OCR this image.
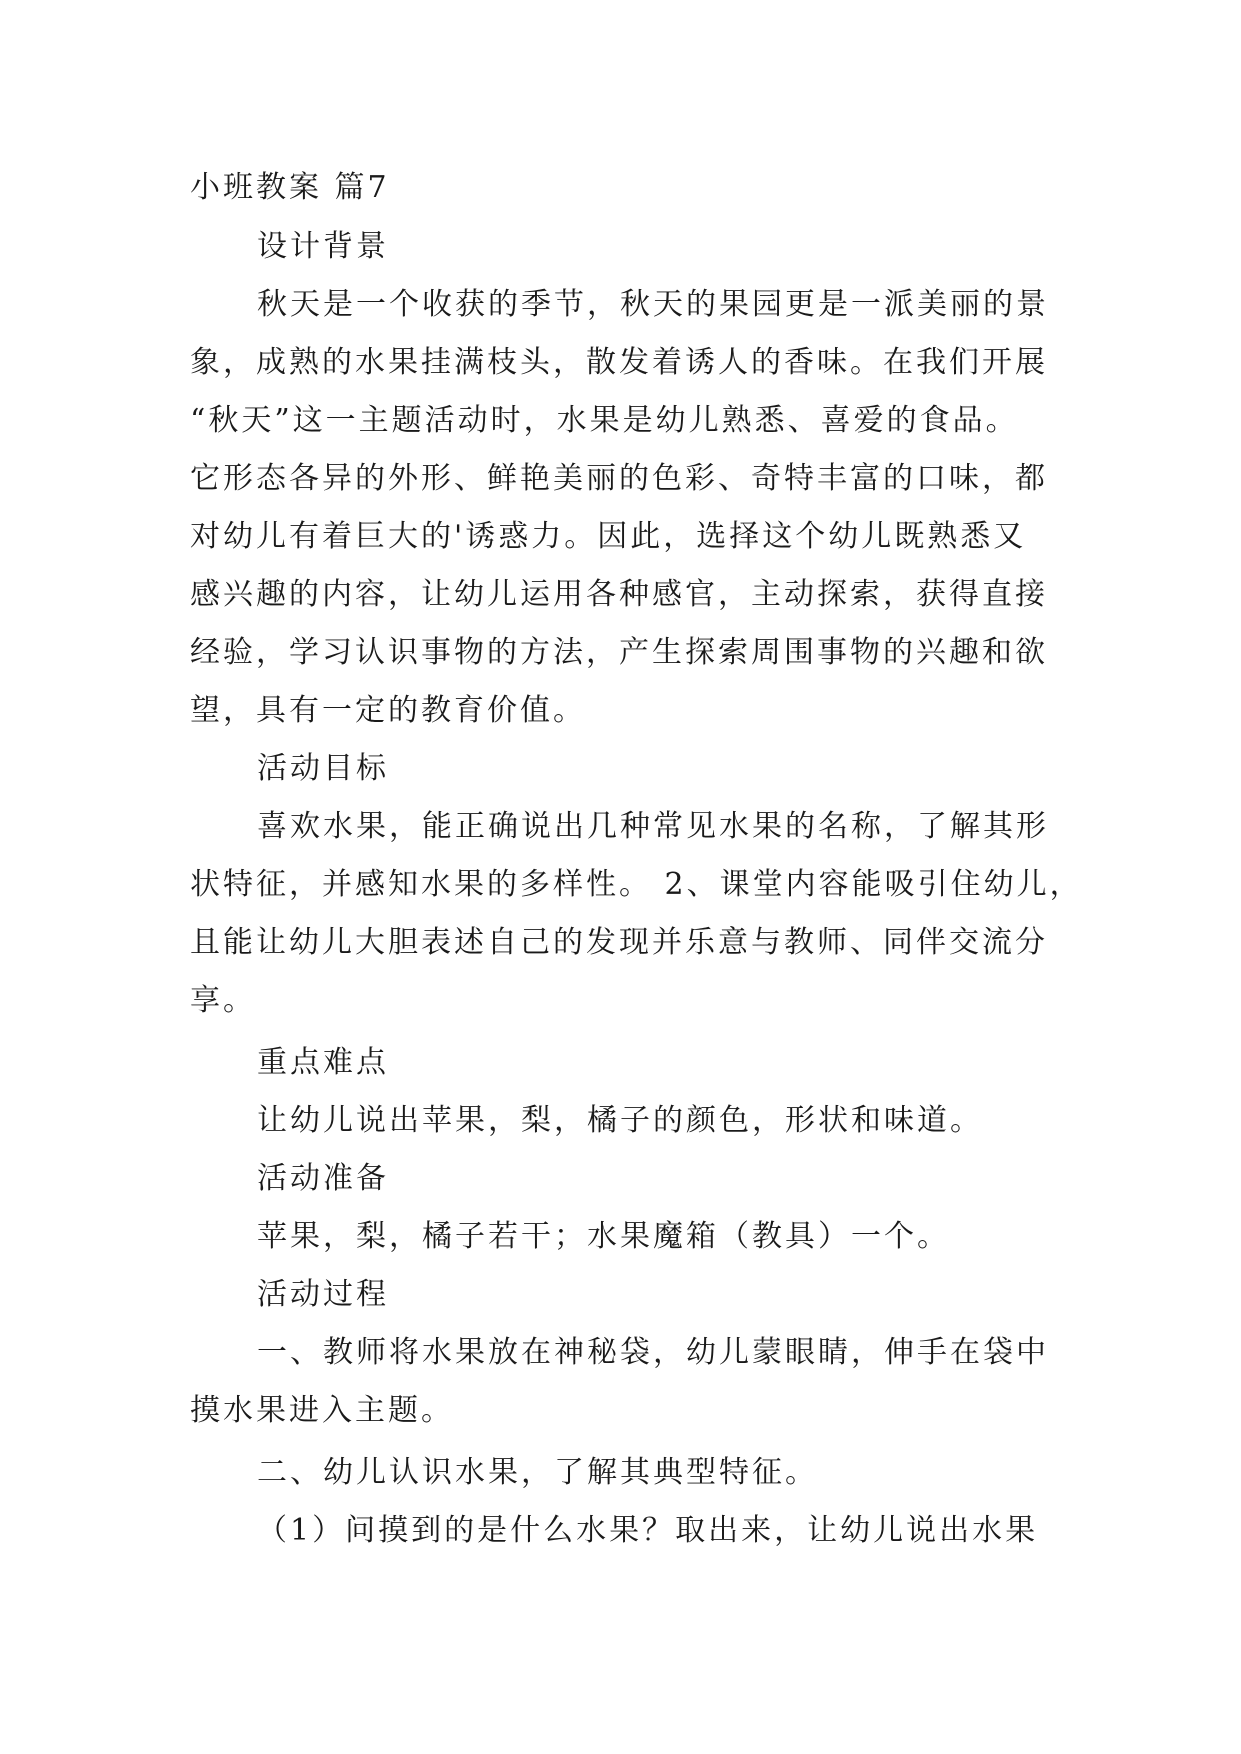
小班教案 篇7
设计背景
秋天是一个收获的季节，秋天的果园更是一派美丽的景
象，成熟的水果挂满枝头，散发着诱人的香味。在我们开展
“秋天”这一主题活动时，水果是幼儿熟悉、喜爱的食品。
它形态各异的外形、鲜艳美丽的色彩、奇特丰富的口味，都
对幼儿有着巨大的'诱惑力。因此，选择这个幼儿既熟悉又
感兴趣的内容，让幼儿运用各种感官，主动探索，获得直接
经验，学习认识事物的方法，产生探索周围事物的兴趣和欲
望，具有一定的教育价值。
活动目标
喜欢水果，能正确说出几种常见水果的名称，了解其形
状特征，并感知水果的多样性。 2、课堂内容能吸引住幼儿，
且能让幼儿大胆表述自己的发现并乐意与教师、同伴交流分
享。
重点难点
让幼儿说出苹果，梨，橘子的颜色，形状和味道。
活动准备
苹果，梨，橘子若干；水果魔箱（教具）一个。
活动过程
一、教师将水果放在神秘袋，幼儿蒙眼睛，伸手在袋中
摸水果进入主题。
二、幼儿认识水果，了解其典型特征。
（1）问摸到的是什么水果？取出来，让幼儿说出水果
